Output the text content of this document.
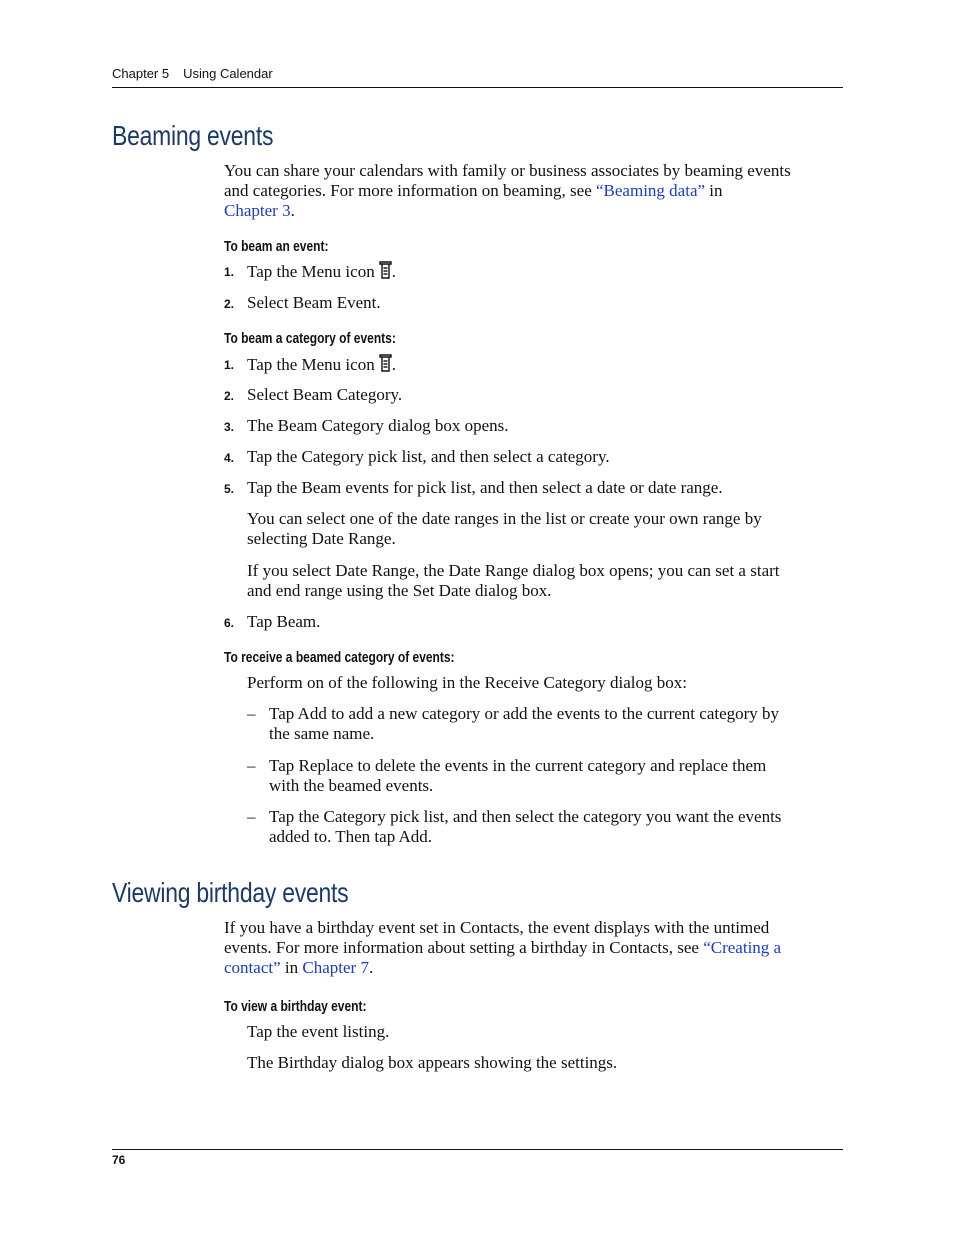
Chapter 5 Using Calendar
Beaming events
You can share your calendars with family or business associates by beaming events
and categories. For more information on beaming, see “Beaming data” in
Chapter 3.
To beam an event:
1. Tap the Menu icon .
2. Select Beam Event.
To beam a category of events:
1. Tap the Menu icon .
2. Select Beam Category.
3. The Beam Category dialog box opens.
4. Tap the Category pick list, and then select a category.
5. Tap the Beam events for pick list, and then select a date or date range.
You can select one of the date ranges in the list or create your own range by
selecting Date Range.
If you select Date Range, the Date Range dialog box opens; you can set a start
and end range using the Set Date dialog box.
6. Tap Beam.
To receive a beamed category of events:
Perform on of the following in the Receive Category dialog box:
– Tap Add to add a new category or add the events to the current category by
the same name.
– Tap Replace to delete the events in the current category and replace them
with the beamed events.
– Tap the Category pick list, and then select the category you want the events
added to. Then tap Add.
Viewing birthday events
If you have a birthday event set in Contacts, the event displays with the untimed
events. For more information about setting a birthday in Contacts, see “Creating a
contact” in Chapter 7.
To view a birthday event:
Tap the event listing.
The Birthday dialog box appears showing the settings.
76
